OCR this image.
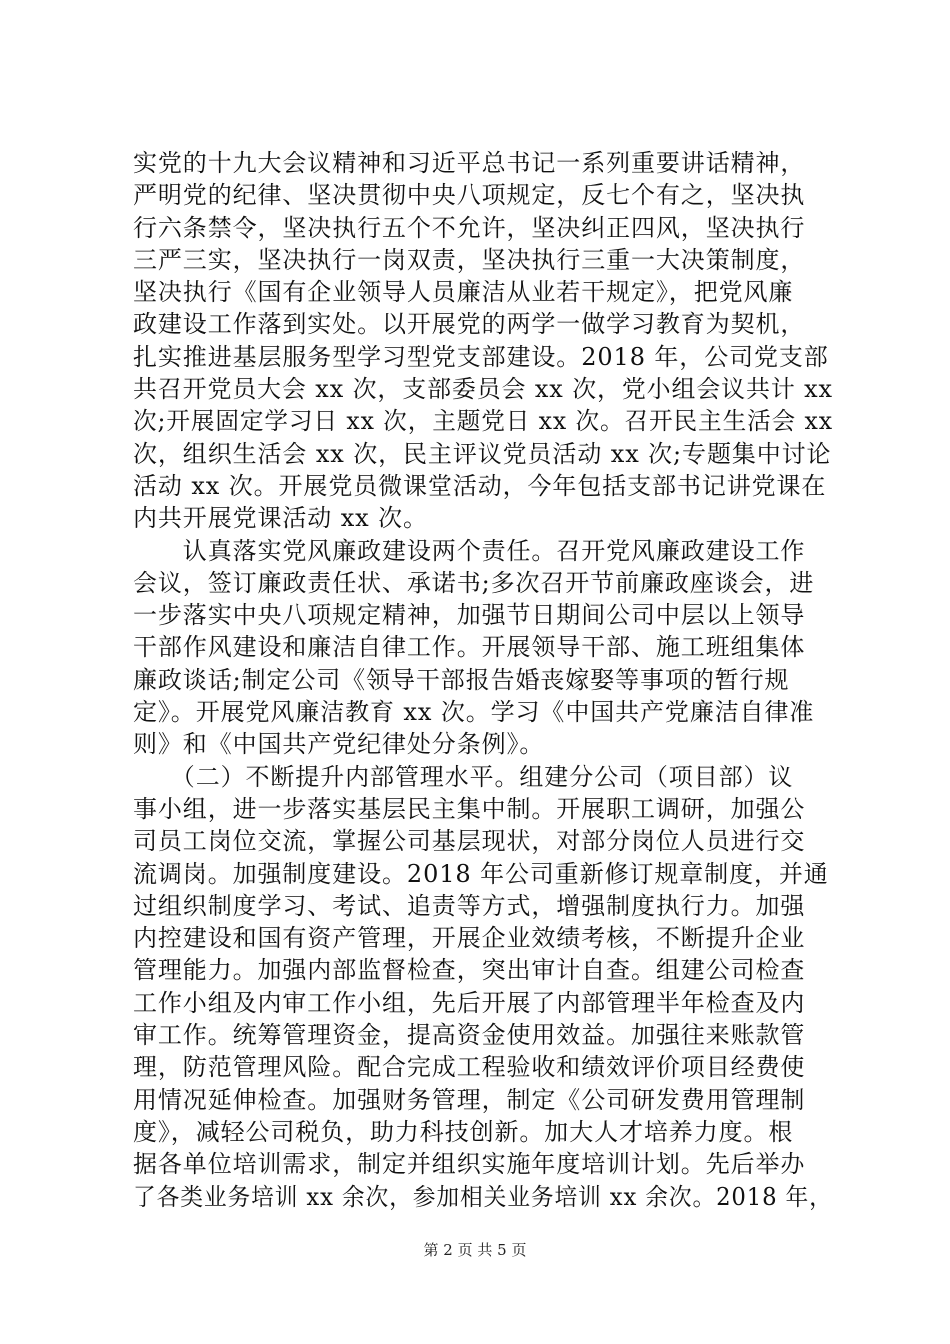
实党的十九大会议精神和习近平总书记一系列重要讲话精神，
严明党的纪律、坚决贯彻中央八项规定，反七个有之，坚决执
行六条禁令，坚决执行五个不允许，坚决纠正四风，坚决执行
三严三实，坚决执行一岗双责，坚决执行三重一大决策制度，
坚决执行《国有企业领导人员廉洁从业若干规定》，把党风廉
政建设工作落到实处。以开展党的两学一做学习教育为契机，
扎实推进基层服务型学习型党支部建设。2018 年，公司党支部
共召开党员大会 xx 次，支部委员会 xx 次，党小组会议共计 xx
次;开展固定学习日 xx 次，主题党日 xx 次。召开民主生活会 xx
次，组织生活会 xx 次，民主评议党员活动 xx 次;专题集中讨论
活动 xx 次。开展党员微课堂活动，今年包括支部书记讲党课在
内共开展党课活动 xx 次。
　　认真落实党风廉政建设两个责任。召开党风廉政建设工作
会议，签订廉政责任状、承诺书;多次召开节前廉政座谈会，进
一步落实中央八项规定精神，加强节日期间公司中层以上领导
干部作风建设和廉洁自律工作。开展领导干部、施工班组集体
廉政谈话;制定公司《领导干部报告婚丧嫁娶等事项的暂行规
定》。开展党风廉洁教育 xx 次。学习《中国共产党廉洁自律准
则》和《中国共产党纪律处分条例》。
　　（二）不断提升内部管理水平。组建分公司（项目部）议
事小组，进一步落实基层民主集中制。开展职工调研，加强公
司员工岗位交流，掌握公司基层现状，对部分岗位人员进行交
流调岗。加强制度建设。2018 年公司重新修订规章制度，并通
过组织制度学习、考试、追责等方式，增强制度执行力。加强
内控建设和国有资产管理，开展企业效绩考核，不断提升企业
管理能力。加强内部监督检查，突出审计自查。组建公司检查
工作小组及内审工作小组，先后开展了内部管理半年检查及内
审工作。统筹管理资金，提高资金使用效益。加强往来账款管
理，防范管理风险。配合完成工程验收和绩效评价项目经费使
用情况延伸检查。加强财务管理，制定《公司研发费用管理制
度》，减轻公司税负，助力科技创新。加大人才培养力度。根
据各单位培训需求，制定并组织实施年度培训计划。先后举办
了各类业务培训 xx 余次，参加相关业务培训 xx 余次。2018 年，
第 2 页 共 5 页
